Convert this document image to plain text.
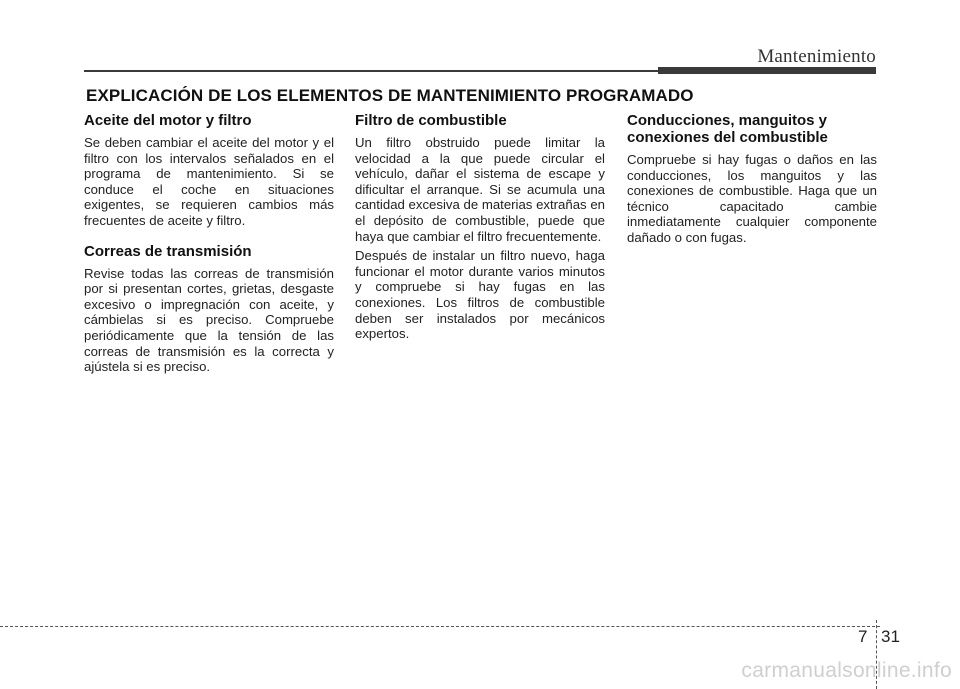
Mantenimiento
EXPLICACIÓN DE LOS ELEMENTOS DE MANTENIMIENTO PROGRAMADO
Aceite del motor y filtro

Se deben cambiar el aceite del motor y el filtro con los intervalos señalados en el programa de mantenimiento. Si se conduce el coche en situaciones exigentes, se requieren cambios más frecuentes de aceite y filtro.

Correas de transmisión

Revise todas las correas de transmisión por si presentan cortes, grietas, desgaste excesivo o impregnación con aceite, y cámbielas si es preciso. Compruebe periódicamente que la tensión de las correas de transmisión es la correcta y ajústela si es preciso.

Filtro de combustible

Un filtro obstruido puede limitar la velocidad a la que puede circular el vehículo, dañar el sistema de escape y dificultar el arranque. Si se acumula una cantidad excesiva de materias extrañas en el depósito de combustible, puede que haya que cambiar el filtro frecuentemente.

Después de instalar un filtro nuevo, haga funcionar el motor durante varios minutos y compruebe si hay fugas en las conexiones. Los filtros de combustible deben ser instalados por mecánicos expertos.

Conducciones, manguitos y conexiones del combustible

Compruebe si hay fugas o daños en las conducciones, los manguitos y las conexiones de combustible. Haga que un técnico capacitado cambie inmediatamente cualquier componente dañado o con fugas.

7 31
carmanualsonline.info
